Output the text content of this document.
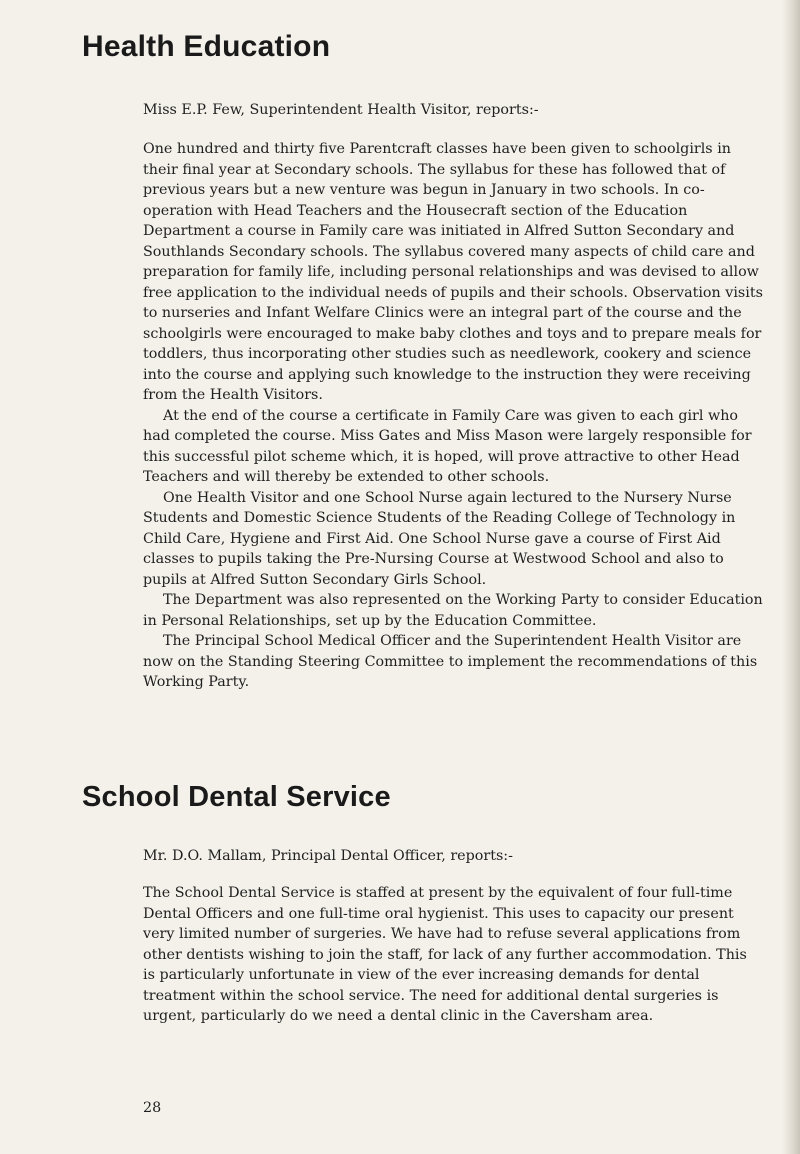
Health Education

Miss E.P. Few, Superintendent Health Visitor, reports:-

One hundred and thirty five Parentcraft classes have been given to schoolgirls in their final year at Secondary schools. The syllabus for these has followed that of previous years but a new venture was begun in January in two schools. In co-operation with Head Teachers and the Housecraft section of the Education Department a course in Family care was initiated in Alfred Sutton Secondary and Southlands Secondary schools. The syllabus covered many aspects of child care and preparation for family life, including personal relationships and was devised to allow free application to the individual needs of pupils and their schools. Observation visits to nurseries and Infant Welfare Clinics were an integral part of the course and the schoolgirls were encouraged to make baby clothes and toys and to prepare meals for toddlers, thus incorporating other studies such as needlework, cookery and science into the course and applying such knowledge to the instruction they were receiving from the Health Visitors.

At the end of the course a certificate in Family Care was given to each girl who had completed the course. Miss Gates and Miss Mason were largely responsible for this successful pilot scheme which, it is hoped, will prove attractive to other Head Teachers and will thereby be extended to other schools.

One Health Visitor and one School Nurse again lectured to the Nursery Nurse Students and Domestic Science Students of the Reading College of Technology in Child Care, Hygiene and First Aid. One School Nurse gave a course of First Aid classes to pupils taking the Pre-Nursing Course at Westwood School and also to pupils at Alfred Sutton Secondary Girls School.

The Department was also represented on the Working Party to consider Education in Personal Relationships, set up by the Education Committee.

The Principal School Medical Officer and the Superintendent Health Visitor are now on the Standing Steering Committee to implement the recommendations of this Working Party.

School Dental Service

Mr. D.O. Mallam, Principal Dental Officer, reports:-

The School Dental Service is staffed at present by the equivalent of four full-time Dental Officers and one full-time oral hygienist. This uses to capacity our present very limited number of surgeries. We have had to refuse several applications from other dentists wishing to join the staff, for lack of any further accommodation. This is particularly unfortunate in view of the ever increasing demands for dental treatment within the school service. The need for additional dental surgeries is urgent, particularly do we need a dental clinic in the Caversham area.

28
